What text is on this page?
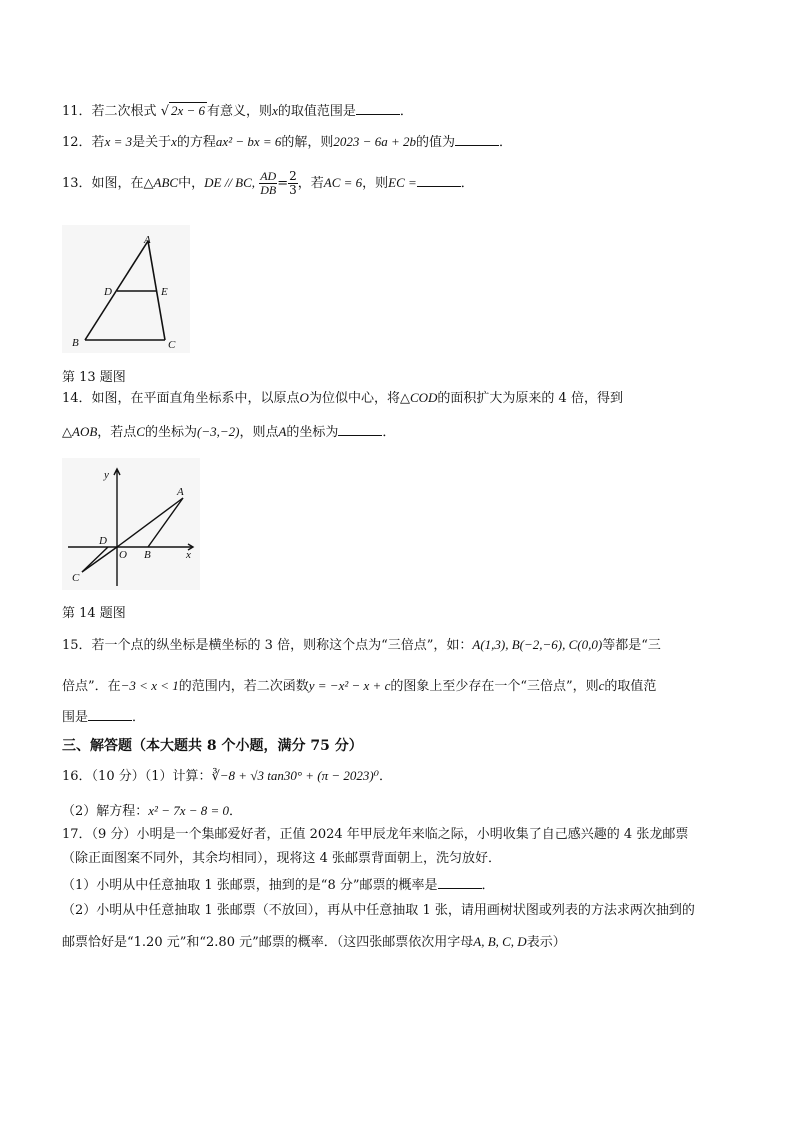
11．若二次根式 √ 2x − 6 有意义，则x的取值范围是	．
12．若x = 3是关于x的方程ax² − bx = 6的解，则2023 − 6a + 2b的值为	．
13．如图，在△ABC中，DE // BC, $\frac{AD}{DB} = \frac{2}{3}$ ，若AC = 6，则EC =	．
A
D	E
B	C
第 13 题图
14．如图，在平面直角坐标系中，以原点O为位似中心，将△COD的面积扩大为原来的 4 倍，得到
△AOB，若点C的坐标为(−3,−2)，则点A的坐标为	．
y
x
A
D
O B
C
第 14 题图
15．若一个点的纵坐标是横坐标的 3 倍，则称这个点为“三倍点”，如：A(1,3), B(−2,−6), C(0,0)等都是“三
倍点”．在−3 < x < 1的范围内，若二次函数y = −x² − x + c的图象上至少存在一个“三倍点”，则c的取值范
围是	．
三、解答题（本大题共 8 个小题，满分 75 分）
16．（10 分）（1）计算：∛−8 + √3 tan30° + (π − 2023)⁰．
（2）解方程：x² − 7x − 8 = 0．
17．（9 分）小明是一个集邮爱好者，正值 2024 年甲辰龙年来临之际，小明收集了自己感兴趣的 4 张龙邮票
（除正面图案不同外，其余均相同），现将这 4 张邮票背面朝上，洗匀放好．
（1）小明从中任意抽取 1 张邮票，抽到的是“8 分”邮票的概率是	．
（2）小明从中任意抽取 1 张邮票（不放回），再从中任意抽取 1 张，请用画树状图或列表的方法求两次抽到的
邮票恰好是“1.20 元”和“2.80 元”邮票的概率．（这四张邮票依次用字母A, B, C, D表示）
